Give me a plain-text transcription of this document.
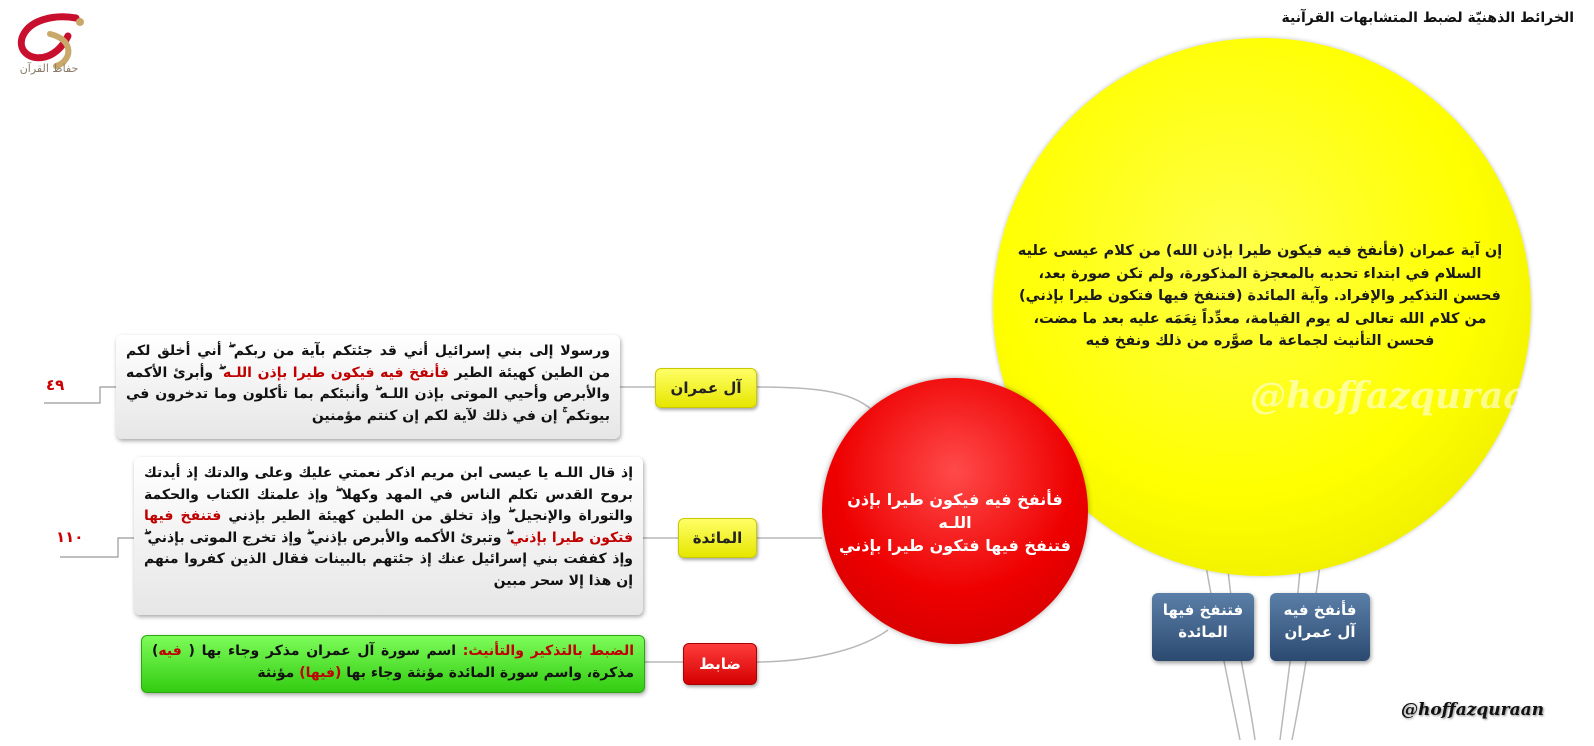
الخرائط الذهنيّة لضبط المتشابهات القرآنية
حفاظ القرآن
إن آية عمران (فأنفخ فيه فيكون طيرا بإذن الله) من كلام عيسى عليه السلام في ابتداء تحديه بالمعجزة المذكورة، ولم تكن صورة بعد، فحسن التذكير والإفراد. وآية المائدة (فتنفخ فيها فتكون طيرا بإذني) من كلام الله تعالى له يوم القيامة، معدِّداً نِعَمَه عليه بعد ما مضت، فحسن التأنيث لجماعة ما صوَّره من ذلك ونفخ فيه
@hoffazquraan
فأنفخ فيه فيكون طيرا بإذن اللـه
فتنفخ فيها فتكون طيرا بإذني
آل عمران
ورسولا إلى بني إسرائيل أني قد جئتكم بآية من ربكم ۖ أني أخلق لكم من الطين كهيئة الطير فأنفخ فيه فيكون طيرا بإذن اللـه ۖ وأبرئ الأكمه والأبرص وأحيي الموتى بإذن اللـه ۖ وأنبئكم بما تأكلون وما تدخرون في بيوتكم ۚ إن في ذلك لآية لكم إن كنتم مؤمنين
٤٩
المائدة
إذ قال اللـه يا عيسى ابن مريم اذكر نعمتي عليك وعلى والدتك إذ أيدتك بروح القدس تكلم الناس في المهد وكهلا ۖ وإذ علمتك الكتاب والحكمة والتوراة والإنجيل ۖ وإذ تخلق من الطين كهيئة الطير بإذني فتنفخ فيها فتكون طيرا بإذني ۖ وتبرئ الأكمه والأبرص بإذني ۖ وإذ تخرج الموتى بإذني ۖ وإذ كففت بني إسرائيل عنك إذ جئتهم بالبينات فقال الذين كفروا منهم إن هذا إلا سحر مبين
١١٠
ضابط
الضبط بالتذكير والتأنيث: اسم سورة آل عمران مذكر وجاء بها ( فيه) مذكرة، واسم سورة المائدة مؤنثة وجاء بها (فيها) مؤنثة
فأنفخ فيه
آل عمران
فتنفخ فيها
المائدة
@hoffazquraan
